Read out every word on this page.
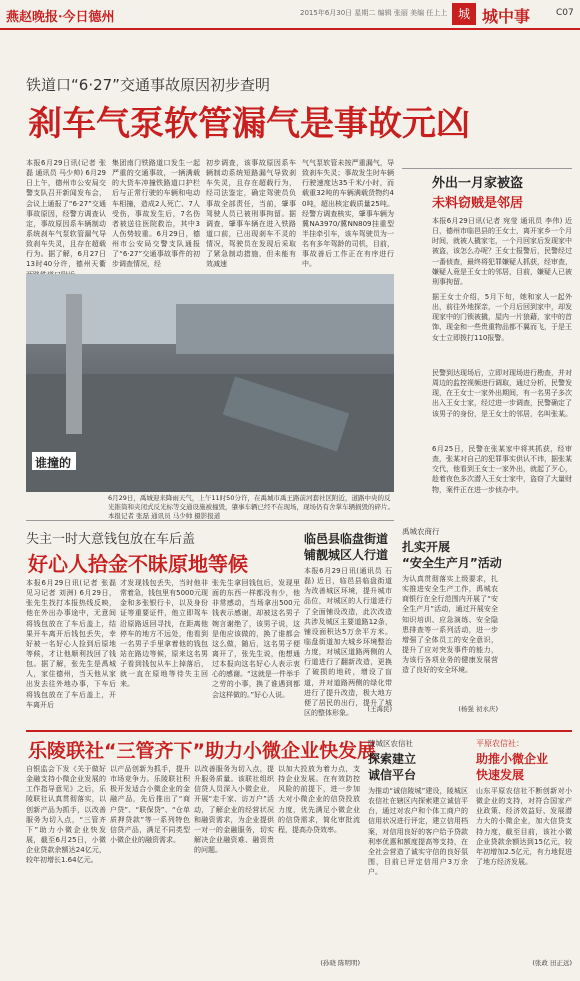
燕赵晚报·今日德州	2015年6月30日 星期二 编辑 张丽 美编 任上上 城 城中事	C07
铁道口“6·27”交通事故原因初步查明
刹车气泵软管漏气是事故元凶
本报6月29日讯(记者 张磊 通讯员 马少帅) 6月29日上午，德州市公安局交警支队召开新闻发布会，会议上通报了“6·27”交通事故原因，经警方调查认定，事故原因系车辆制动系统刹车气泵软管漏气导致刹车失灵，且存在超载行为。据了解，6月27日13时40分许，德州天衢
集团南门铁路道口发生一起严重的交通事故，一辆满载的大货车冲撞铁路道口护栏后与正常行驶的车辆和电动车相撞，造成2人死亡、7人受伤，事故发生后，7名伤者被送往医院救治，其中3人伤势较重。6月29日，德州市公安局交警支队通报了“6·27”交通事故事件的初步调查情况，经
初步调查，该事故原因系车辆制动系统短路漏气导致刹车失灵，且存在超载行为，经司法鉴定，确定驾驶员负事故全部责任，当前，肇事驾驶人员已被刑事拘留。据调查，肇事车辆在进入铁路道口前，已出现刹车不灵的情况，驾驶员在发现后采取了紧急制动措施，但未能有效减速
气气泵软管未按严重漏气，导致刹车失灵；事故发生时车辆行驶速度达35千米/小时，而载重32吨的车辆满载货物约40吨，超出核定载质量25吨。经警方调查核实，肇事车辆为冀NA3970/冀NN809挂重型半挂牵引车，该车驾驶员为一名有多年驾龄的司机，目前，事故善后工作正在有序进行中。
谁撞的
6月29日，禹城迎来降雨天气，上午11时50分许，在禹城市禹王路前河套社区附近，道路中央的反光锥筒和夹闭式反光标等交通设施被撞毁，肇事车辆已经不在现场，现场仍有舍掌车辆损毁的碎片。 本报记者 张磊 通讯员 马少帅 摄影报道
外出一月家被盗
未料窃贼是邻居
本报6月29日讯(记者 宛莹 通讯员 李伟) 近日，德州市临邑县的王女士，离开家乡一个月时间，就被人撬家宅，一个月回家后发现家中被盗，该怎么办呢？王女士报警后，民警经过一番侦查，最终将犯罪嫌疑人抓获，经审查，嫌疑人竟是王女士的邻居，目前，嫌疑人已被刑事拘留。
据王女士介绍，5月下旬，她和家人一起外出，前往外地探亲，一个月后回到家中，却发现家中的门锁被撬，屋内一片狼藉，家中的首饰、现金和一些贵重物品都不翼而飞，于是王女士立即拨打110报警。
民警到达现场后，立即对现场进行勘查，并对周边的监控视频进行调取，通过分析，民警发现，在王女士一家外出期间，有一名男子多次出入王女士家，经过进一步调查，民警确定了该男子的身份，是王女士的邻居，名叫张某。
6月25日，民警在张某家中将其抓获，经审查，张某对自己的犯罪事实供认不讳，据张某交代，他看到王女士一家外出，就起了歹心，趁着夜色多次潜入王女士家中，盗窃了大量财物，案件正在进一步侦办中。
失主一时大意钱包放在车后盖
好心人拾金不昧原地等候
本报6月29日讯(记者 张磊 见习记者 刘洲) 6月29日，张先生找打本报热线反映，他在外出办事途中，无意间将钱包放在了车后盖上，结果开车离开后钱包丢失，幸好被一名好心人捡到后原地等候，才让他顺利找回了钱包。据了解，张先生是禹城人，家住德州，当天他从家出发去往外地办事，下车后将钱包放在了车后盖上，开车离开后
才发现钱包丢失，当时他非常着急，钱包里有5000元现金和多张银行卡，以及身份证等重要证件，他立即驾车沿原路返回寻找，在距离他停车的地方不远处，他看到一名男子手里拿着他的钱包站在路边等候，原来这名男子看到钱包从车上掉落后，就一直在原地等待失主回来。
张先生拿回钱包后，发现里面的东西一样都没有少，他非常感动，当场拿出500元钱表示感谢，却被这名男子婉言谢绝了，该男子说，这是他应该做的，换了谁都会这么做，随后，这名男子便离开了，张先生说，他想通过本报向这名好心人表示衷心的感谢。“这就是一件举手之劳的小事，换了谁遇到都会这样做的。”好心人说。
临邑县临盘街道
铺靓城区人行道
本报6月29日讯(通讯员 石磊) 近日，临邑县临盘街道为改善城区环境，提升城市品位，对城区的人行道进行了全面铺设改造，此次改造共涉及城区主要道路12条，铺设面积达5万余平方米。临盘街道加大城乡环境整治力度，对城区道路两侧的人行道进行了翻新改造，更换了破损的地砖，增设了盲道，并对道路两侧的绿化带进行了提升改造，极大地方便了居民的出行，提升了城区的整体形象。	(王海民)
禹城农商行
扎实开展
“安全生产月”活动
为认真贯彻落实上级要求，扎实推进安全生产工作，禹城农商银行在全行范围内开展了“安全生产月”活动，通过开展安全知识培训、应急演练、安全隐患排查等一系列活动，进一步增强了全体员工的安全意识，提升了应对突发事件的能力，为该行各项业务的健康发展营造了良好的安全环境。
(杨强 初永庆)
乐陵联社“三管齐下”助力小微企业快发展
自银监会下发《关于做好金融支持小微企业发展的工作指导意见》之后，乐陵联社认真贯彻落实，以创新产品为抓手，以改善服务为切入点，“三管齐下”助力小微企业快发展，截至6月25日，小微企业贷款余额达24亿元，较年初增长1.64亿元。
以产品创新为抓手，提升市场竞争力。乐陵联社积极开发适合小微企业的金融产品，先后推出了“商户贷”、“联保贷”、“仓单质押贷款”等一系列特色信贷产品，满足不同类型小微企业的融资需求。
以改善服务为切入点，提升服务质量。该联社组织信贷人员深入小微企业，开展“走千家、访万户”活动，了解企业的经营状况和融资需求，为企业提供一对一的金融服务，切实解决企业融资难、融资贵的问题。
以加大投放为着力点，支持企业发展。在有效防控风险的前提下，进一步加大对小微企业的信贷投放力度，优先满足小微企业的信贷需求，简化审批流程，提高办贷效率。
(孙晓 陈明明)
陵城区农信社
探索建立
诚信平台
为推动“诚信陵城”建设，陵城区农信社在辖区内探索建立诚信平台，通过对农户和个体工商户的信用状况进行评定，建立信用档案，对信用良好的客户给予贷款利率优惠和额度提高等支持，在全社会营造了诚实守信的良好氛围，目前已评定信用户3万余户。
平原农信社：
助推小微企业
快速发展
山东平原农信社不断创新对小微企业的支持，对符合国家产业政策、经济效益好、发展潜力大的小微企业，加大信贷支持力度，截至目前，该社小微企业贷款余额达到15亿元，较年初增加2.5亿元，有力地促进了地方经济发展。
(张政 田正远)
